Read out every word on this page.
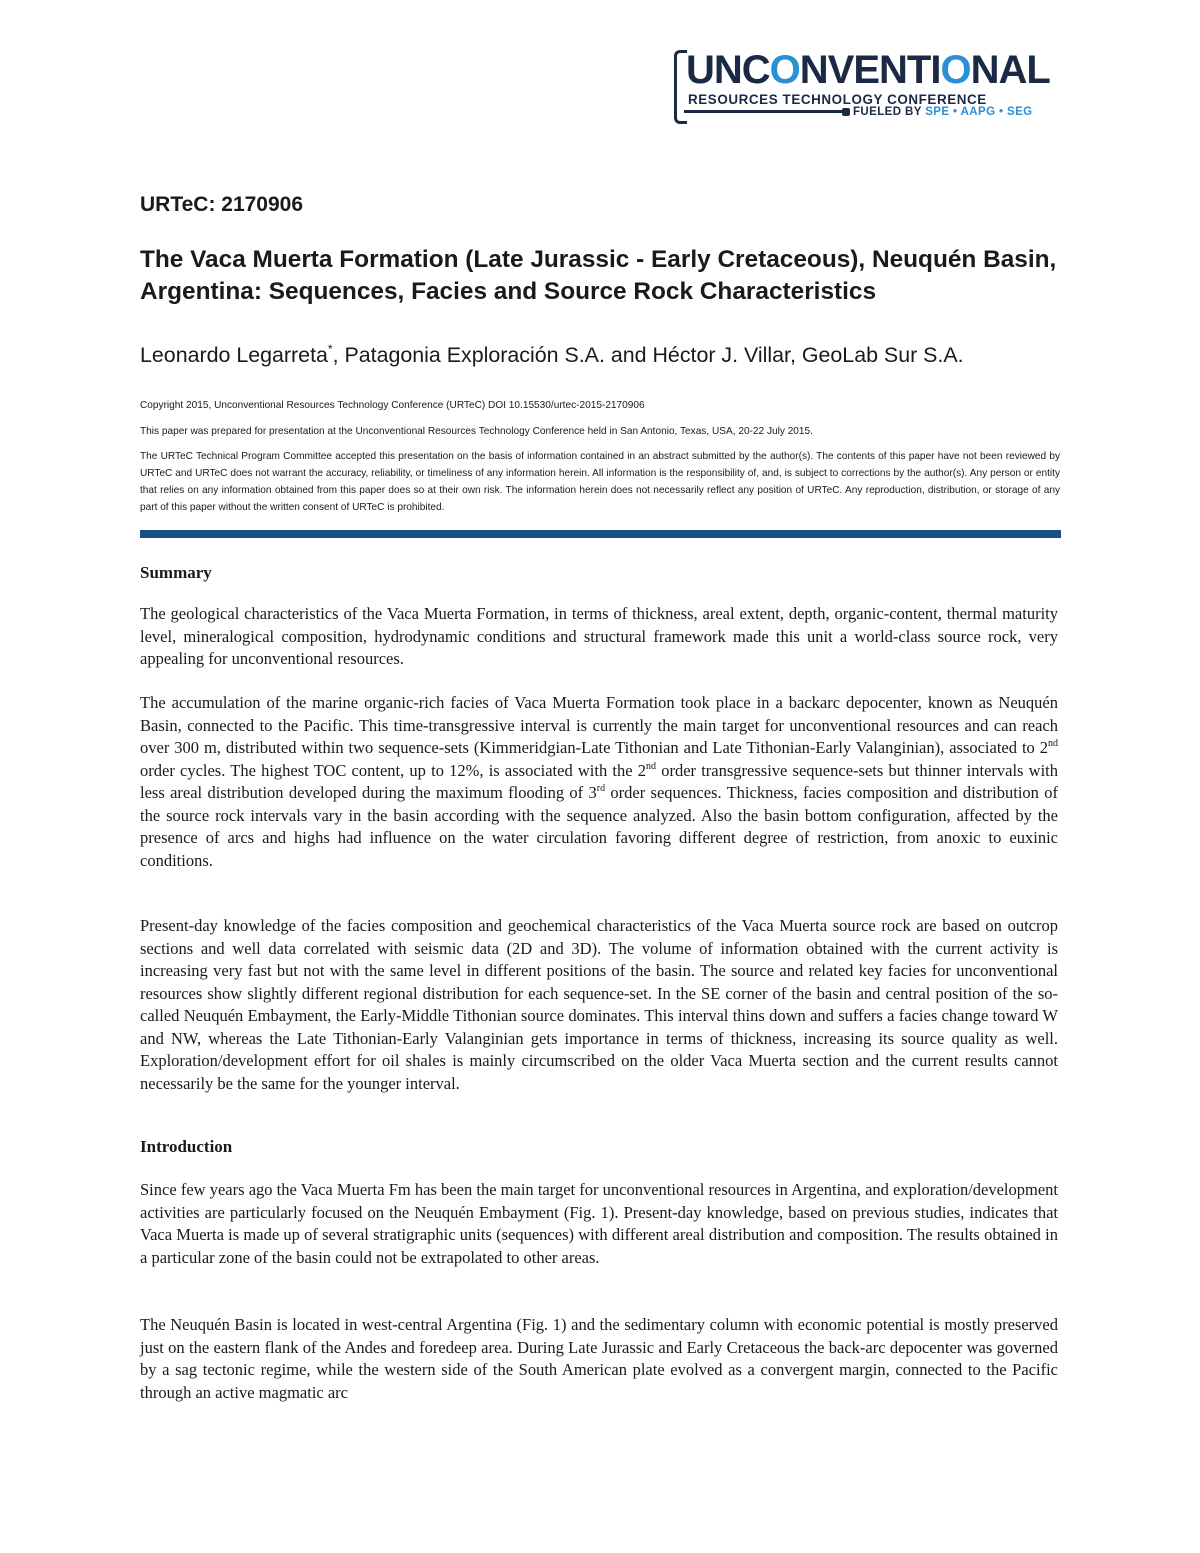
UNCONVENTIONAL
RESOURCES TECHNOLOGY CONFERENCE
FUELED BY SPE • AAPG • SEG
URTeC: 2170906
The Vaca Muerta Formation (Late Jurassic - Early Cretaceous), Neuquén Basin, Argentina: Sequences, Facies and Source Rock Characteristics
Leonardo Legarreta*, Patagonia Exploración S.A. and Héctor J. Villar, GeoLab Sur S.A.

Copyright 2015, Unconventional Resources Technology Conference (URTeC) DOI 10.15530/urtec-2015-2170906

This paper was prepared for presentation at the Unconventional Resources Technology Conference held in San Antonio, Texas, USA, 20-22 July 2015.

The URTeC Technical Program Committee accepted this presentation on the basis of information contained in an abstract submitted by the author(s). The contents of this paper have not been reviewed by URTeC and URTeC does not warrant the accuracy, reliability, or timeliness of any information herein. All information is the responsibility of, and, is subject to corrections by the author(s). Any person or entity that relies on any information obtained from this paper does so at their own risk. The information herein does not necessarily reflect any position of URTeC. Any reproduction, distribution, or storage of any part of this paper without the written consent of URTeC is prohibited.

Summary

The geological characteristics of the Vaca Muerta Formation, in terms of thickness, areal extent, depth, organic-content, thermal maturity level, mineralogical composition, hydrodynamic conditions and structural framework made this unit a world-class source rock, very appealing for unconventional resources.

The accumulation of the marine organic-rich facies of Vaca Muerta Formation took place in a backarc depocenter, known as Neuquén Basin, connected to the Pacific. This time-transgressive interval is currently the main target for unconventional resources and can reach over 300 m, distributed within two sequence-sets (Kimmeridgian-Late Tithonian and Late Tithonian-Early Valanginian), associated to 2nd order cycles. The highest TOC content, up to 12%, is associated with the 2nd order transgressive sequence-sets but thinner intervals with less areal distribution developed during the maximum flooding of 3rd order sequences. Thickness, facies composition and distribution of the source rock intervals vary in the basin according with the sequence analyzed. Also the basin bottom configuration, affected by the presence of arcs and highs had influence on the water circulation favoring different degree of restriction, from anoxic to euxinic conditions.

Present-day knowledge of the facies composition and geochemical characteristics of the Vaca Muerta source rock are based on outcrop sections and well data correlated with seismic data (2D and 3D). The volume of information obtained with the current activity is increasing very fast but not with the same level in different positions of the basin. The source and related key facies for unconventional resources show slightly different regional distribution for each sequence-set. In the SE corner of the basin and central position of the so-called Neuquén Embayment, the Early-Middle Tithonian source dominates. This interval thins down and suffers a facies change toward W and NW, whereas the Late Tithonian-Early Valanginian gets importance in terms of thickness, increasing its source quality as well. Exploration/development effort for oil shales is mainly circumscribed on the older Vaca Muerta section and the current results cannot necessarily be the same for the younger interval.

Introduction

Since few years ago the Vaca Muerta Fm has been the main target for unconventional resources in Argentina, and exploration/development activities are particularly focused on the Neuquén Embayment (Fig. 1). Present-day knowledge, based on previous studies, indicates that Vaca Muerta is made up of several stratigraphic units (sequences) with different areal distribution and composition. The results obtained in a particular zone of the basin could not be extrapolated to other areas.

The Neuquén Basin is located in west-central Argentina (Fig. 1) and the sedimentary column with economic potential is mostly preserved just on the eastern flank of the Andes and foredeep area. During Late Jurassic and Early Cretaceous the back-arc depocenter was governed by a sag tectonic regime, while the western side of the South American plate evolved as a convergent margin, connected to the Pacific through an active magmatic arc
